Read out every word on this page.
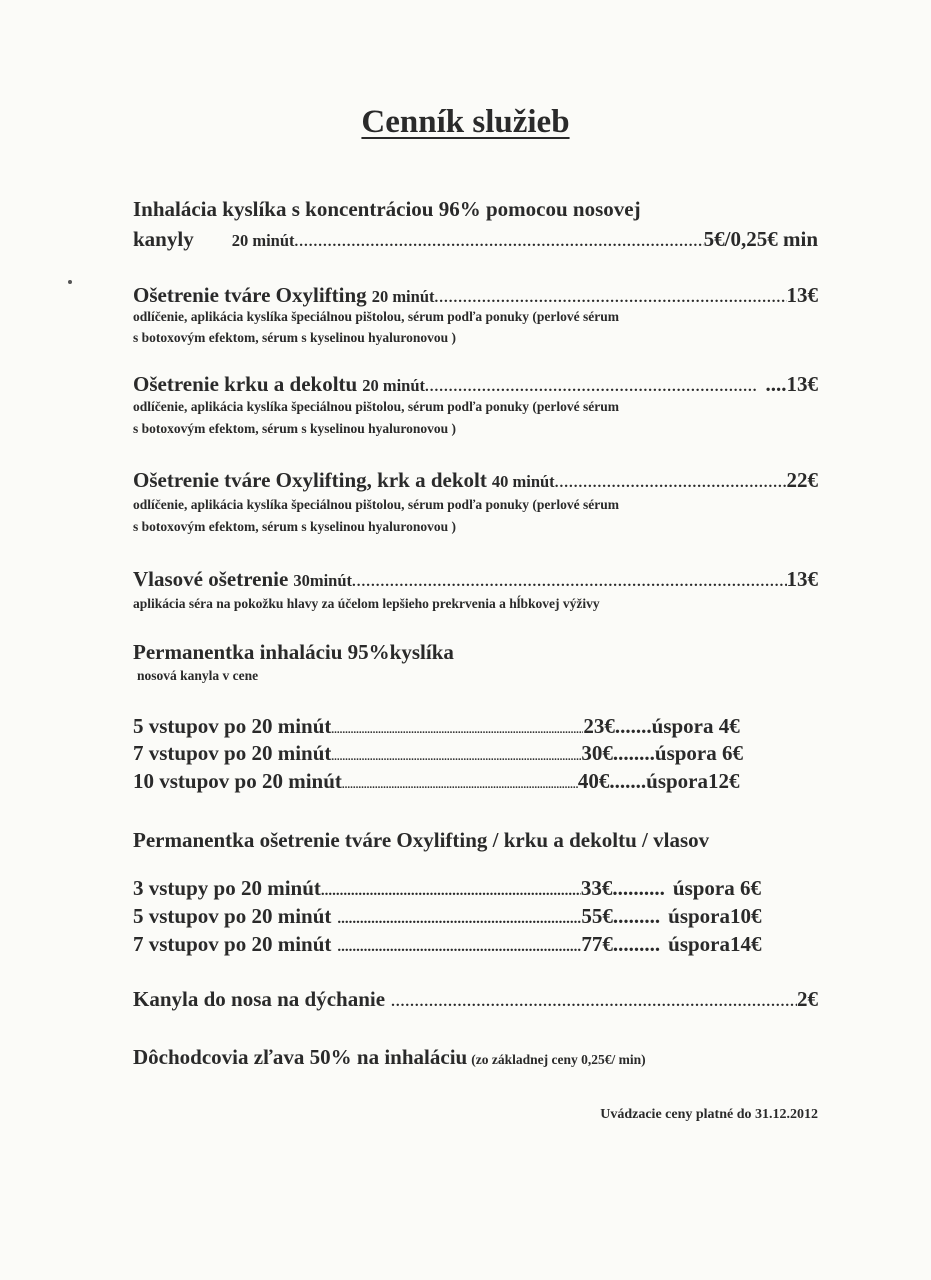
Cenník služieb
Inhalácia kyslíka s koncentráciou 96% pomocou nosovej
kanyly 20 minút .....	5€/0,25€ min
Ošetrenie tváre Oxylifting 20 minút .....	13€
odlíčenie, aplikácia kyslíka špeciálnou pištolou, sérum podľa ponuky (perlové sérum
s botoxovým efektom, sérum s kyselinou hyaluronovou )
Ošetrenie krku a dekoltu 20 minút .....	....13€
odlíčenie, aplikácia kyslíka špeciálnou pištolou, sérum podľa ponuky (perlové sérum
s botoxovým efektom, sérum s kyselinou hyaluronovou )
Ošetrenie tváre Oxylifting, krk a dekolt 40 minút .....	22€
odlíčenie, aplikácia kyslíka špeciálnou pištolou, sérum podľa ponuky (perlové sérum
s botoxovým efektom, sérum s kyselinou hyaluronovou )
Vlasové ošetrenie 30minút .....	13€
aplikácia séra na pokožku hlavy za účelom lepšieho prekrvenia a hĺbkovej výživy
Permanentka inhaláciu 95%kyslíka
nosová kanyla v cene
5 vstupov po 20 minút .....	23€ ....... úspora 4€
7 vstupov po 20 minút .....	30€ ........ úspora 6€
10 vstupov po 20 minút .....	40€ ....... úspora12€
Permanentka ošetrenie tváre Oxylifting / krku a dekoltu / vlasov
3 vstupy po 20 minút .....	33€ .......... úspora 6€
5 vstupov po 20 minút .....	55€ ......... úspora10€
7 vstupov po 20 minút .....	77€ ......... úspora14€
Kanyla do nosa na dýchanie .....	2€
Dôchodcovia zľava 50% na inhaláciu (zo základnej ceny 0,25€/ min)
Uvádzacie ceny platné do 31.12.2012
